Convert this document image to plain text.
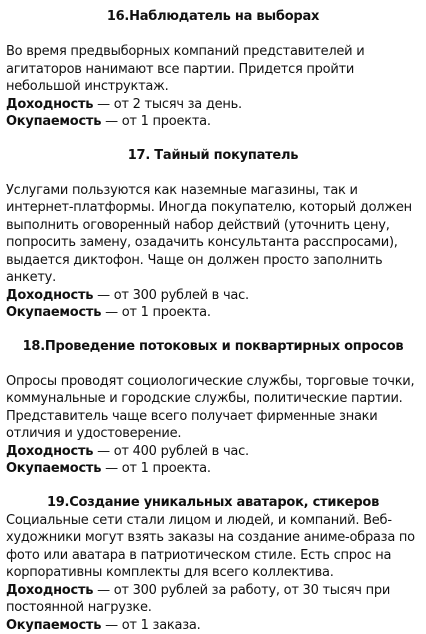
16.Наблюдатель на выборах

Во время предвыборных компаний представителей и агитаторов нанимают все партии. Придется пройти небольшой инструктаж.

Доходность — от 2 тысяч за день.

Окупаемость — от 1 проекта.

17. Тайный покупатель

Услугами пользуются как наземные магазины, так и интернет-платформы. Иногда покупателю, который должен выполнить оговоренный набор действий (уточнить цену, попросить замену, озадачить консультанта расспросами), выдается диктофон. Чаще он должен просто заполнить анкету.

Доходность — от 300 рублей в час.

Окупаемость — от 1 проекта.

18.Проведение потоковых и поквартирных опросов

Опросы проводят социологические службы, торговые точки, коммунальные и городские службы, политические партии. Представитель чаще всего получает фирменные знаки отличия и удостоверение.

Доходность — от 400 рублей в час.

Окупаемость — от 1 проекта.

19.Создание уникальных аватарок, стикеров

Социальные сети стали лицом и людей, и компаний. Веб-художники могут взять заказы на создание аниме-образа по фото или аватара в патриотическом стиле. Есть спрос на корпоративны комплекты для всего коллектива.

Доходность — от 300 рублей за работу, от 30 тысяч при постоянной нагрузке.

Окупаемость — от 1 заказа.
